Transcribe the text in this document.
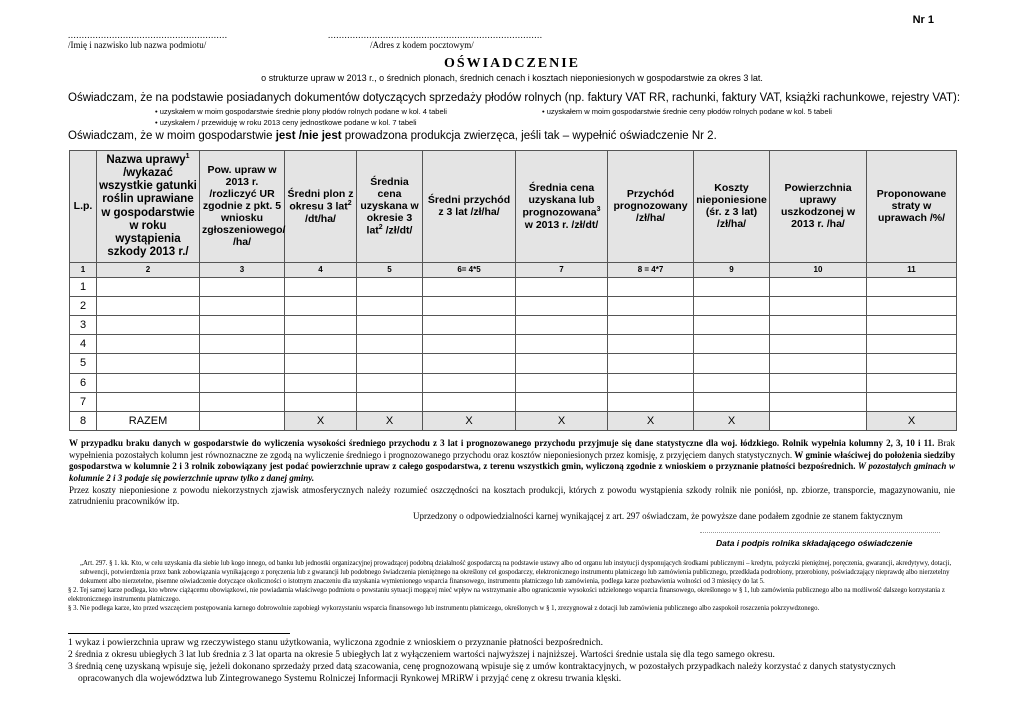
Nr 1
..........................................................	..............................................................................
/Imię i nazwisko lub nazwa podmiotu/	/Adres z kodem pocztowym/
OŚWIADCZENIE
o strukturze upraw w 2013 r., o średnich plonach, średnich cenach i kosztach nieponiesionych w gospodarstwie za okres 3 lat.
Oświadczam, że na podstawie posiadanych dokumentów dotyczących sprzedaży płodów rolnych (np. faktury VAT RR, rachunki, faktury VAT, książki rachunkowe, rejestry VAT):
• uzyskałem w moim gospodarstwie średnie plony płodów rolnych podane w kol. 4 tabeli	• uzyskałem w moim gospodarstwie średnie ceny płodów rolnych podane w kol. 5 tabeli
• uzyskałem / przewiduję w roku 2013 ceny jednostkowe podane w kol. 7 tabeli
Oświadczam, że w moim gospodarstwie jest /nie jest prowadzona produkcja zwierzęca, jeśli tak – wypełnić oświadczenie Nr 2.
L.p.	Nazwa uprawy$^1$ /wykazać wszystkie gatunki roślin uprawiane w gospodarstwie w roku wystąpienia szkody 2013 r./	Pow. upraw w 2013 r. /rozliczyć UR zgodnie z pkt. 5 wniosku zgłoszeniowego/ /ha/	Średni plon z okresu 3 lat$^2$ /dt/ha/	Średnia cena uzyskana w okresie 3 lat$^2$ /zł/dt/	Średni przychód z 3 lat /zł/ha/	Średnia cena uzyskana lub prognozowana$^3$ w 2013 r. /zł/dt/	Przychód prognozowany /zł/ha/	Koszty nieponiesione (śr. z 3 lat) /zł/ha/	Powierzchnia uprawy uszkodzonej w 2013 r. /ha/	Proponowane straty w uprawach /%/
1	2	3	4	5	6= 4*5	7	8 = 4*7	9	10	11
1										
2										
3										
4										
5										
6										
7										
8	RAZEM		X	X	X	X	X	X		X

W przypadku braku danych w gospodarstwie do wyliczenia wysokości średniego przychodu z 3 lat i prognozowanego przychodu przyjmuje się dane statystyczne dla woj. łódzkiego. Rolnik wypełnia kolumny 2, 3, 10 i 11. Brak wypełnienia pozostałych kolumn jest równoznaczne ze zgodą na wyliczenie średniego i prognozowanego przychodu oraz kosztów nieponiesionych przez komisję, z przyjęciem danych statystycznych. W gminie właściwej do położenia siedziby gospodarstwa w kolumnie 2 i 3 rolnik zobowiązany jest podać powierzchnie upraw z całego gospodarstwa, z terenu wszystkich gmin, wyliczoną zgodnie z wnioskiem o przyznanie płatności bezpośrednich. W pozostałych gminach w kolumnie 2 i 3 podaje się powierzchnie upraw tylko z danej gminy.

Przez koszty nieponiesione z powodu niekorzystnych zjawisk atmosferycznych należy rozumieć oszczędności na kosztach produkcji, których z powodu wystąpienia szkody rolnik nie poniósł, np. zbiorze, transporcie, magazynowaniu, nie zatrudnieniu pracowników itp.

Uprzedzony o odpowiedzialności karnej wynikającej z art. 297 oświadczam, że powyższe dane podałem zgodnie ze stanem faktycznym
Data i podpis rolnika składającego oświadczenie

„Art. 297. § 1. kk. Kto, w celu uzyskania dla siebie lub kogo innego, od banku lub jednostki organizacyjnej prowadzącej podobną działalność gospodarczą na podstawie ustawy albo od organu lub instytucji dysponujących środkami publicznymi – kredytu, pożyczki pieniężnej, poręczenia, gwarancji, akredytywy, dotacji, subwencji, potwierdzenia przez bank zobowiązania wynikającego z poręczenia lub z gwarancji lub podobnego świadczenia pieniężnego na określony cel gospodarczy, elektronicznego instrumentu płatniczego lub zamówienia publicznego, przedkłada podrobiony, przerobiony, poświadczający nieprawdę albo nierzetelny dokument albo nierzetelne, pisemne oświadczenie dotyczące okoliczności o istotnym znaczeniu dla uzyskania wymienionego wsparcia finansowego, instrumentu płatniczego lub zamówienia, podlega karze pozbawienia wolności od 3 miesięcy do lat 5.

§ 2. Tej samej karze podlega, kto wbrew ciążącemu obowiązkowi, nie powiadamia właściwego podmiotu o powstaniu sytuacji mogącej mieć wpływ na wstrzymanie albo ograniczenie wysokości udzielonego wsparcia finansowego, określonego w § 1, lub zamówienia publicznego albo na możliwość dalszego korzystania z elektronicznego instrumentu płatniczego.

§ 3. Nie podlega karze, kto przed wszczęciem postępowania karnego dobrowolnie zapobiegł wykorzystaniu wsparcia finansowego lub instrumentu płatniczego, określonych w § 1, zrezygnował z dotacji lub zamówienia publicznego albo zaspokoił roszczenia pokrzywdzonego.

1 wykaz i powierzchnia upraw wg rzeczywistego stanu użytkowania, wyliczona zgodnie z wnioskiem o przyznanie płatności bezpośrednich.
2 średnia z okresu ubiegłych 3 lat lub średnia z 3 lat oparta na okresie 5 ubiegłych lat z wyłączeniem wartości najwyższej i najniższej. Wartości średnie ustala się dla tego samego okresu.
3 średnią cenę uzyskaną wpisuje się, jeżeli dokonano sprzedaży przed datą szacowania, cenę prognozowaną wpisuje się z umów kontraktacyjnych, w pozostałych przypadkach należy korzystać z danych statystycznych
opracowanych dla województwa lub Zintegrowanego Systemu Rolniczej Informacji Rynkowej MRiRW i przyjąć cenę z okresu trwania klęski.
